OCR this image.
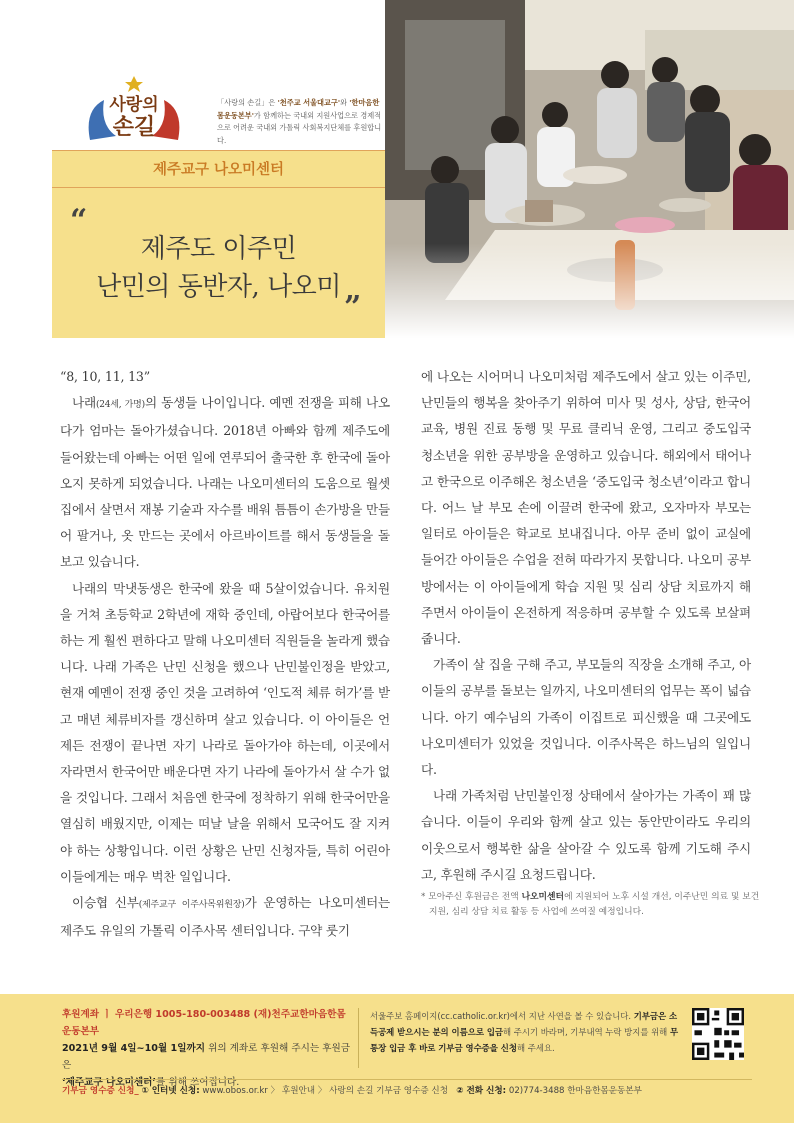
사랑의
손길
「사랑의 손길」은 '천주교 서울대교구'와 '한마음한몸운동본부'가 함께하는 국내외 지원사업으로 경제적으로 어려운 국내외 가톨릭 사회복지단체를 후원합니다.
제주교구 나오미센터
“
제주도 이주민
난민의 동반자, 나오미
”

“8, 10, 11, 13”

나래(24세, 가명)의 동생들 나이입니다. 예멘 전쟁을 피해 나오다가 엄마는 돌아가셨습니다. 2018년 아빠와 함께 제주도에 들어왔는데 아빠는 어떤 일에 연루되어 출국한 후 한국에 돌아오지 못하게 되었습니다. 나래는 나오미센터의 도움으로 월셋집에서 살면서 재봉 기술과 자수를 배워 틈틈이 손가방을 만들어 팔거나, 옷 만드는 곳에서 아르바이트를 해서 동생들을 돌보고 있습니다.

나래의 막냇동생은 한국에 왔을 때 5살이었습니다. 유치원을 거쳐 초등학교 2학년에 재학 중인데, 아랍어보다 한국어를 하는 게 훨씬 편하다고 말해 나오미센터 직원들을 놀라게 했습니다. 나래 가족은 난민 신청을 했으나 난민불인정을 받았고, 현재 예멘이 전쟁 중인 것을 고려하여 ‘인도적 체류 허가’를 받고 매년 체류비자를 갱신하며 살고 있습니다. 이 아이들은 언제든 전쟁이 끝나면 자기 나라로 돌아가야 하는데, 이곳에서 자라면서 한국어만 배운다면 자기 나라에 돌아가서 살 수가 없을 것입니다. 그래서 처음엔 한국에 정착하기 위해 한국어만을 열심히 배웠지만, 이제는 떠날 날을 위해서 모국어도 잘 지켜야 하는 상황입니다. 이런 상황은 난민 신청자들, 특히 어린아이들에게는 매우 벅찬 일입니다.

이승협 신부(제주교구 이주사목위원장)가 운영하는 나오미센터는 제주도 유일의 가톨릭 이주사목 센터입니다. 구약 룻기

에 나오는 시어머니 나오미처럼 제주도에서 살고 있는 이주민, 난민들의 행복을 찾아주기 위하여 미사 및 성사, 상담, 한국어 교육, 병원 진료 동행 및 무료 클리닉 운영, 그리고 중도입국 청소년을 위한 공부방을 운영하고 있습니다. 해외에서 태어나고 한국으로 이주해온 청소년을 ‘중도입국 청소년’이라고 합니다. 어느 날 부모 손에 이끌려 한국에 왔고, 오자마자 부모는 일터로 아이들은 학교로 보내집니다. 아무 준비 없이 교실에 들어간 아이들은 수업을 전혀 따라가지 못합니다. 나오미 공부방에서는 이 아이들에게 학습 지원 및 심리 상담 치료까지 해주면서 아이들이 온전하게 적응하며 공부할 수 있도록 보살펴줍니다.

가족이 살 집을 구해 주고, 부모들의 직장을 소개해 주고, 아이들의 공부를 돌보는 일까지, 나오미센터의 업무는 폭이 넓습니다. 아기 예수님의 가족이 이집트로 피신했을 때 그곳에도 나오미센터가 있었을 것입니다. 이주사목은 하느님의 일입니다.

나래 가족처럼 난민불인정 상태에서 살아가는 가족이 꽤 많습니다. 이들이 우리와 함께 살고 있는 동안만이라도 우리의 이웃으로서 행복한 삶을 살아갈 수 있도록 함께 기도해 주시고, 후원해 주시길 요청드립니다.

* 모아주신 후원금은 전액 나오미센터에 지원되어 노후 시설 개선, 이주난민 의료 및 보건 지원, 심리 상담 치료 활동 등 사업에 쓰여질 예정입니다.
후원계좌 ㅣ 우리은행 1005-180-003488 (재)천주교한마음한몸운동본부
2021년 9월 4일~10월 1일까지 위의 계좌로 후원해 주시는 후원금은
‘제주교구 나오미센터’를 위해 쓰여집니다.
서울주보 홈페이지(cc.catholic.or.kr)에서 지난 사연을 볼 수 있습니다. 기부금은 소득공제 받으시는 분의 이름으로 입금해 주시기 바라며, 기부내역 누락 방지를 위해 무통장 입금 후 바로 기부금 영수증을 신청해 주세요.
기부금 영수증 신청_ ① 인터넷 신청: www.obos.or.kr 〉 후원안내 〉 사랑의 손길 기부금 영수증 신청 ② 전화 신청: 02)774-3488 한마음한몸운동본부
